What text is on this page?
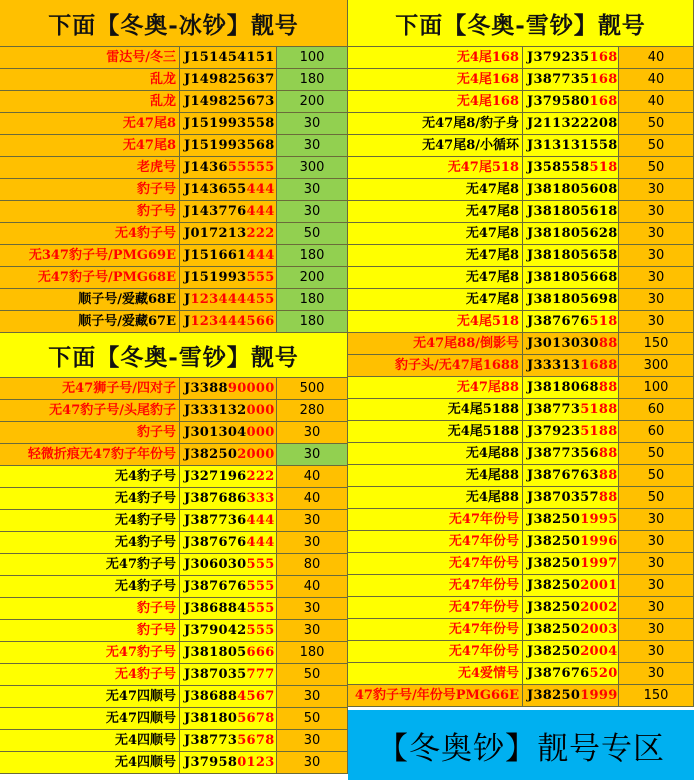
下面【冬奥-冰钞】靓号	下面【冬奥-雪钞】靓号
下面【冬奥-雪钞】靓号
雷达号/冬三 J151454151	100
乱龙 J149825637	180
乱龙 J149825673	200
无47尾8 J151993558	30
无47尾8 J151993568	30
老虎号 J143655555	300
豹子号 J143655444	30
豹子号 J143776444	30
无4豹子号 J017213222	50
无347豹子号/PMG69E J151661444	180
无47豹子号/PMG68E J151993555	200
顺子号/爱藏68E J123444455	180
顺子号/爱藏67E J123444566	180
无47狮子号/四对子 J338890000	500
无47豹子号/头尾豹子 J333132000	280
豹子号 J301304000	30
轻微折痕无47豹子年份号 J382502000	30
无4豹子号 J327196222	40
无4豹子号 J387686333	40
无4豹子号 J387736444	30
无4豹子号 J387676444	30
无47豹子号 J306030555	80
无4豹子号 J387676555	40
豹子号 J386884555	30
豹子号 J379042555	30
无47豹子号 J381805666	180
无4豹子号 J387035777	50
无47四顺号 J386884567	30
无47四顺号 J381805678	50
无4四顺号 J387735678	30
无4四顺号 J379580123	30
无4尾168 J379235168	40
无4尾168 J387735168	40
无4尾168 J379580168	40
无47尾8/豹子身 J211322208	50
无47尾8/小循环 J313131558	50
无47尾518 J358558518	50
无47尾8 J381805608	30
无47尾8 J381805618	30
无47尾8 J381805628	30
无47尾8 J381805658	30
无47尾8 J381805668	30
无47尾8 J381805698	30
无4尾518 J387676518	30
无47尾88/倒影号 J301303088	150
豹子头/无47尾1688 J333131688	300
无47尾88 J381806888	100
无4尾5188 J387735188	60
无4尾5188 J379235188	60
无4尾88 J387735688	50
无4尾88 J387676388	50
无4尾88 J387035788	50
无47年份号 J382501995	30
无47年份号 J382501996	30
无47年份号 J382501997	30
无47年份号 J382502001	30
无47年份号 J382502002	30
无47年份号 J382502003	30
无47年份号 J382502004	30
无4爱情号 J387676520	30
47豹子号/年份号PMG66E J382501999	150
【冬奥钞】靓号专区
